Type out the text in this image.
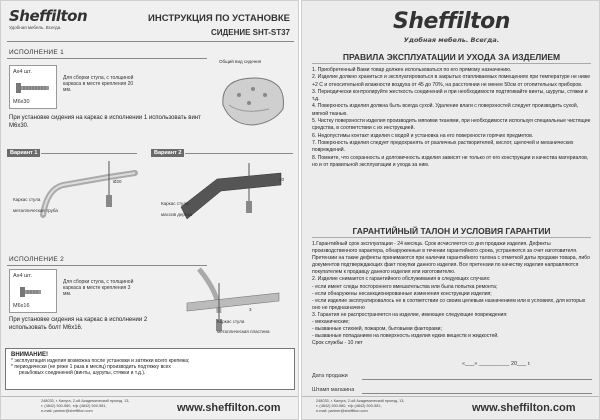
Sheffilton
Удобная мебель. Всегда.
ИНСТРУКЦИЯ ПО УСТАНОВКЕ
СИДЕНИЕ SHT-ST37
Общий вид сидения
ИСПОЛНЕНИЕ 1
Ах4 шт.
М6х30
Для сборки стула, с толщиной каркаса в месте крепления 20 мм.
При установке сидения на каркас в исполнении 1 использовать винт М6х30.
Вариант 1
Ø20
Каркас стула
металлическая труба
Вариант 2
20
Каркас стула
массив дерева
ИСПОЛНЕНИЕ 2
Ах4 шт.
М6х16
Для сборки стула, с толщиной каркаса в месте крепления 3 мм.
При установке сидения на каркас в исполнении 2 использовать болт М6х16.
3
Каркас стула
металлическая пластина
ВНИМАНИЕ!
* эксплуатация изделия возможна после установки и затяжки всего крепежа;
* периодически (не реже 1 раза в месяц) производить подтяжку всех
резьбовых соединений (винты, шурупы, стяжки и т.д.).
248033, г. Калуга, 2-ой Академический проезд, 13,
т. (4842) 500-580, т/ф (4842) 500-581,
e-mail: partner@sheffilton.com	www.sheffilton.com
Sheffilton
Удобная мебель. Всегда.
ПРАВИЛА ЭКСПЛУАТАЦИИ И УХОДА ЗА ИЗДЕЛИЕМ

1. Приобретенный Вами товар должен использоваться по его прямому назначению.

2. Изделие должно храниться и эксплуатироваться в закрытых отапливаемых помещениях при температуре не ниже +2 С и относительной влажности воздуха от 45 до 70%, на расстоянии не менее 50см от отопительных приборов.

3. Периодически контролируйте жесткость соединений и при необходимости подтягивайте винты, шурупы, стяжки и т.д.

4. Поверхность изделия должна быть всегда сухой. Удаление влаги с поверхностей следует производить сухой, мягкой тканью.

5. Чистку поверхности изделия производить мягкими тканями, при необходимости используя специальные чистящие средства, в соответствии с их инструкцией.

6. Недопустимы контакт изделия с водой и установка на его поверхности горячих предметов.

7. Поверхность изделия следует предохранять от различных растворителей, кислот, щелочей и механических повреждений.

8. Помните, что сохранность и долговечность изделия зависят не только от его конструкции и качества материалов, но и от правильной эксплуатации и ухода за ним.

ГАРАНТИЙНЫЙ ТАЛОН И УСЛОВИЯ ГАРАНТИИ

1.Гарантийный срок эксплуатации - 24 месяца. Срок исчисляется со дня продажи изделия. Дефекты производственного характера, обнаруженные в течении гарантийного срока, устраняются за счет изготовителя. Претензии на такие дефекты принимаются при наличии гарантийного талона с отметкой даты продажи товара, либо документов подтверждающих факт покупки данного изделия. Все претензии по качеству изделия направляются покупателем к продавцу данного изделия или изготовителю.

2. Изделие снимается с гарантийного обслуживания в следующих случаях:

- если имеет следы постороннего вмешательства или была попытка ремонта;

- если обнаружены несанкционированные изменения конструкции изделия;

- если изделие эксплуатировалось не в соответствии со своим целевым назначением или в условиях, для которых оно не предназначено

3. Гарантия не распространяется на изделие, имеющее следующие повреждения:

- механические;

- вызванные стихией, пожаром, бытовыми факторами;

- вызванные попаданием на поверхность изделия едких веществ и жидкостей.

Срок службы - 10 лет

«___» __________ 20___ г.
Дата продажи
Штамп магазина
248033, г. Калуга, 2-ой Академический проезд, 13,
т. (4842) 500-580, т/ф (4842) 500-581,
e-mail: partner@sheffilton.com	www.sheffilton.com
